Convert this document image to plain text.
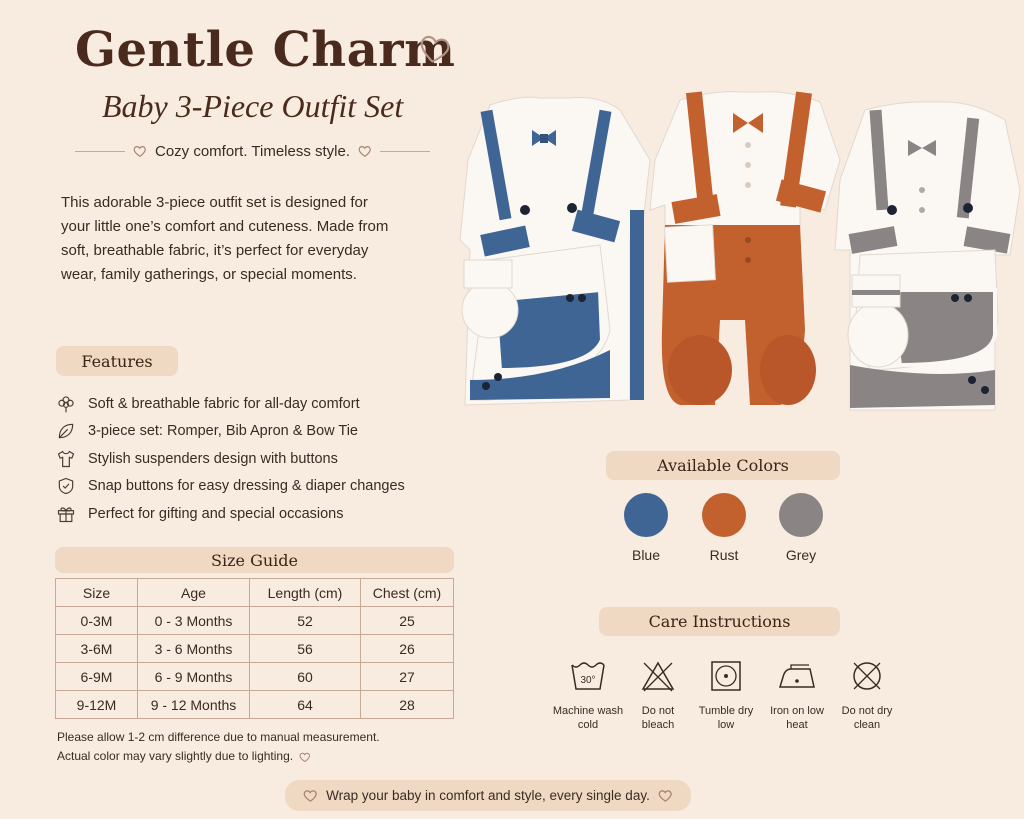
Gentle Charm
Baby 3-Piece Outfit Set
Cozy comfort. Timeless style.
This adorable 3-piece outfit set is designed for your little one’s comfort and cuteness. Made from soft, breathable fabric, it’s perfect for everyday wear, family gatherings, or special moments.
Features
Soft & breathable fabric for all-day comfort
3-piece set: Romper, Bib Apron & Bow Tie
Stylish suspenders design with buttons
Snap buttons for easy dressing & diaper changes
Perfect for gifting and special occasions
Size Guide
Size	Age	Length (cm)	Chest (cm)
0-3M	0 - 3 Months	52	25
3-6M	3 - 6 Months	56	26
6-9M	6 - 9 Months	60	27
9-12M	9 - 12 Months	64	28
Please allow 1-2 cm difference due to manual measurement.
Actual color may vary slightly due to lighting.
Available Colors
Blue	Rust	Grey
Care Instructions
30°
Machine wash
cold
Do not
bleach
Tumble dry
low
Iron on low
heat
Do not dry
clean
Wrap your baby in comfort and style, every single day.
